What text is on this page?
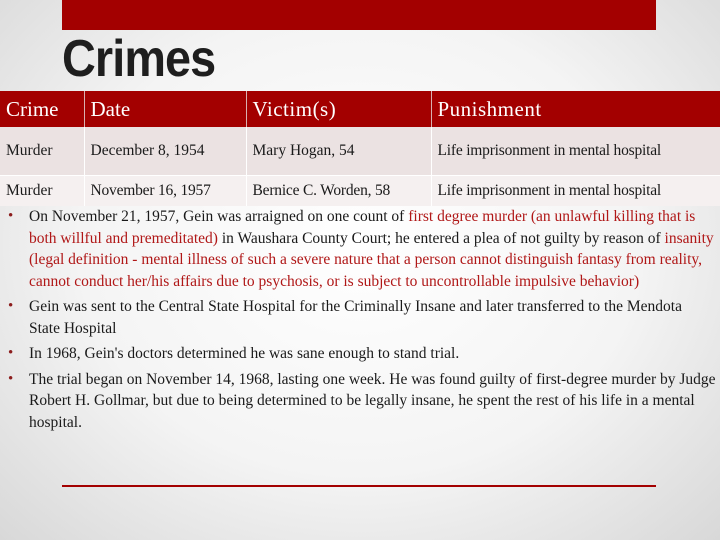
Crimes
Crime	Date	Victim(s)	Punishment
Murder	December 8, 1954	Mary Hogan, 54	Life imprisonment in mental hospital
Murder	November 16, 1957	Bernice C. Worden, 58	Life imprisonment in mental hospital
• On November 21, 1957, Gein was arraigned on one count of first degree murder (an unlawful killing that is both willful and premeditated) in Waushara County Court; he entered a plea of not guilty by reason of insanity (legal definition - mental illness of such a severe nature that a person cannot distinguish fantasy from reality, cannot conduct her/his affairs due to psychosis, or is subject to uncontrollable impulsive behavior)
• Gein was sent to the Central State Hospital for the Criminally Insane and later transferred to the Mendota State Hospital
• In 1968, Gein's doctors determined he was sane enough to stand trial.
• The trial began on November 14, 1968, lasting one week. He was found guilty of first-degree murder by Judge Robert H. Gollmar, but due to being determined to be legally insane, he spent the rest of his life in a mental hospital.
